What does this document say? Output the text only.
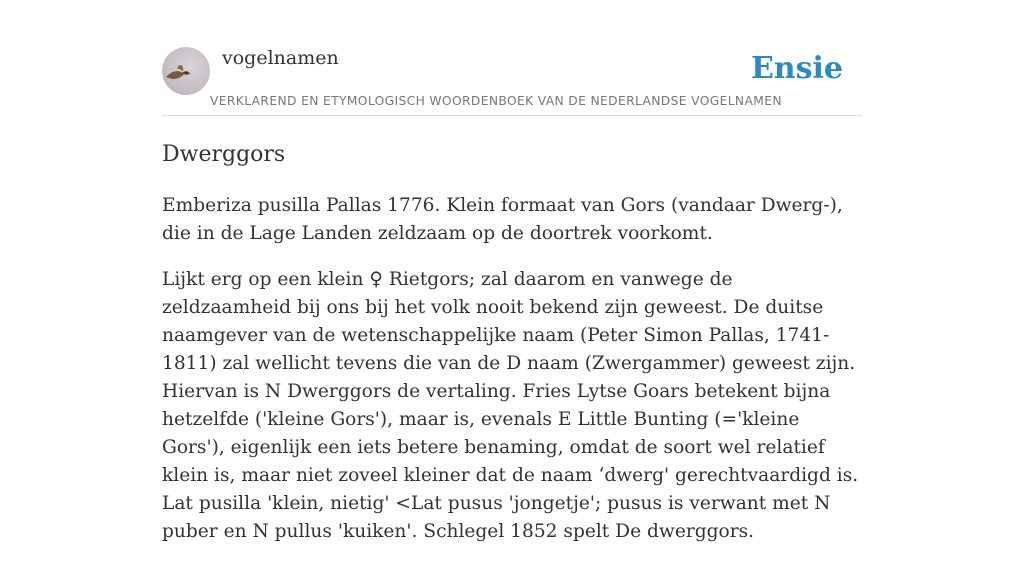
vogelnamen
VERKLAREND EN ETYMOLOGISCH WOORDENBOEK VAN DE NEDERLANDSE VOGELNAMEN
Ensie
Dwerggors

Emberiza pusilla Pallas 1776. Klein formaat van Gors (vandaar Dwerg-), die in de Lage Landen zeldzaam op de doortrek voorkomt.

Lijkt erg op een klein ♀ Rietgors; zal daarom en vanwege de zeldzaamheid bij ons bij het volk nooit bekend zijn geweest. De duitse naamgever van de wetenschappelijke naam (Peter Simon Pallas, 1741-1811) zal wellicht tevens die van de D naam (Zwergammer) geweest zijn. Hiervan is N Dwerggors de vertaling. Fries Lytse Goars betekent bijna hetzelfde ('kleine Gors'), maar is, evenals E Little Bunting (='kleine Gors'), eigenlijk een iets betere benaming, omdat de soort wel relatief klein is, maar niet zoveel kleiner dat de naam ‘dwerg' gerechtvaardigd is. Lat pusilla 'klein, nietig' <Lat pusus 'jongetje'; pusus is verwant met N puber en N pullus 'kuiken'. Schlegel 1852 spelt De dwerggors.
